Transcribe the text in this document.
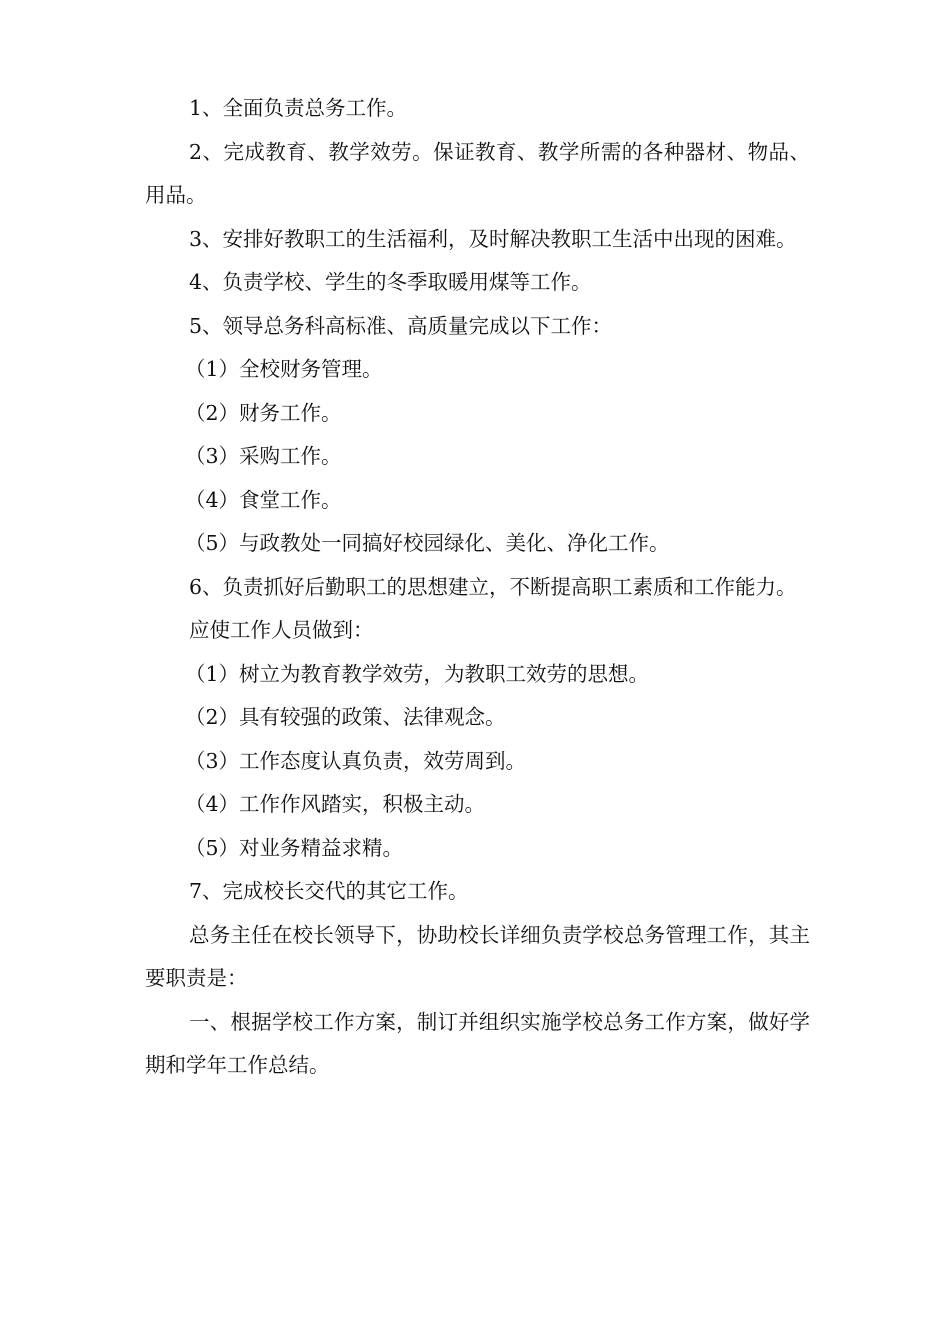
1、全面负责总务工作。

2、完成教育、教学效劳。保证教育、教学所需的各种器材、物品、 用品。

3、安排好教职工的生活福利，及时解决教职工生活中出现的困难。

4、负责学校、学生的冬季取暖用煤等工作。

5、领导总务科高标准、高质量完成以下工作：

（1）全校财务管理。

（2）财务工作。

（3）采购工作。

（4）食堂工作。

（5）与政教处一同搞好校园绿化、美化、净化工作。

6、负责抓好后勤职工的思想建立，不断提高职工素质和工作能力。

应使工作人员做到：

（1）树立为教育教学效劳，为教职工效劳的思想。

（2）具有较强的政策、法律观念。

（3）工作态度认真负责，效劳周到。

（4）工作作风踏实，积极主动。

（5）对业务精益求精。

7、完成校长交代的其它工作。

总务主任在校长领导下，协助校长详细负责学校总务管理工作，其主要职责是：

一、根据学校工作方案，制订并组织实施学校总务工作方案，做好学期和学年工作总结。
